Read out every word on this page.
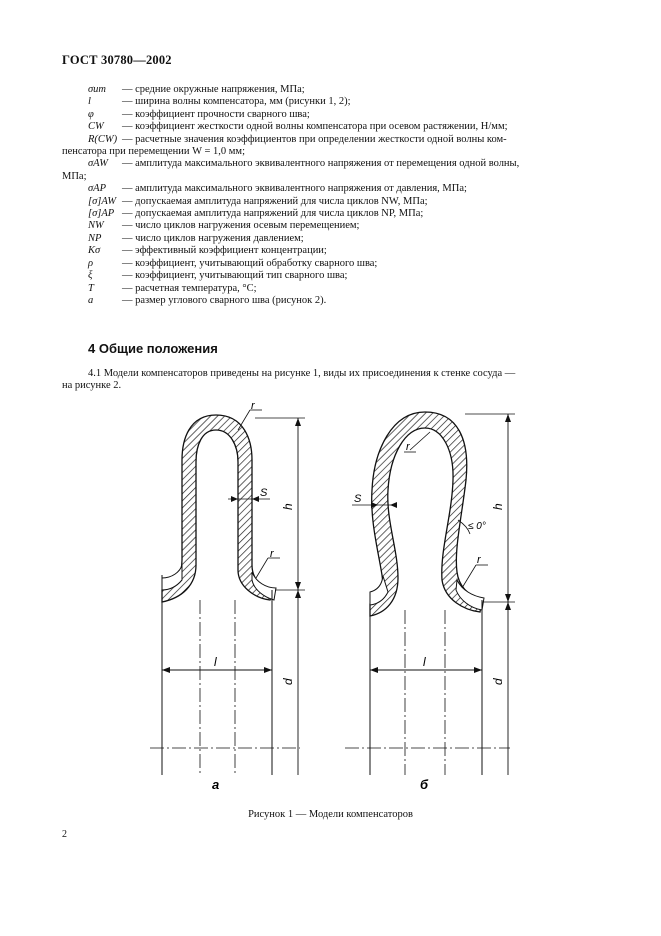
ГОСТ 30780—2002
σum	— средние окружные напряжения, МПа;
l	— ширина волны компенсатора, мм (рисунки 1, 2);
φ	— коэффициент прочности сварного шва;
CW	— коэффициент жесткости одной волны компенсатора при осевом растяжении, Н/мм;
R(CW) — расчетные значения коэффициентов при определении жесткости одной волны ком-
пенсатора при перемещении W = 1,0 мм;
σAW	— амплитуда максимального эквивалентного напряжения от перемещения одной волны,
МПа;
σAP	— амплитуда максимального эквивалентного напряжения от давления, МПа;
[σ]AW — допускаемая амплитуда напряжений для числа циклов NW, МПа;
[σ]AP — допускаемая амплитуда напряжений для числа циклов NP, МПа;
NW	— число циклов нагружения осевым перемещением;
NP	— число циклов нагружения давлением;
Kσ	— эффективный коэффициент концентрации;
ρ	— коэффициент, учитывающий обработку сварного шва;
ξ	— коэффициент, учитывающий тип сварного шва;
T	— расчетная температура, °С;
a	— размер углового сварного шва (рисунок 2).
4 Общие положения
4.1 Модели компенсаторов приведены на рисунке 1, виды их присоединения к стенке сосуда —
на рисунке 2.
l
h
d
r
r
S
а
l
h
d
r
r
S
≤ 0°
б
Рисунок 1 — Модели компенсаторов
2
